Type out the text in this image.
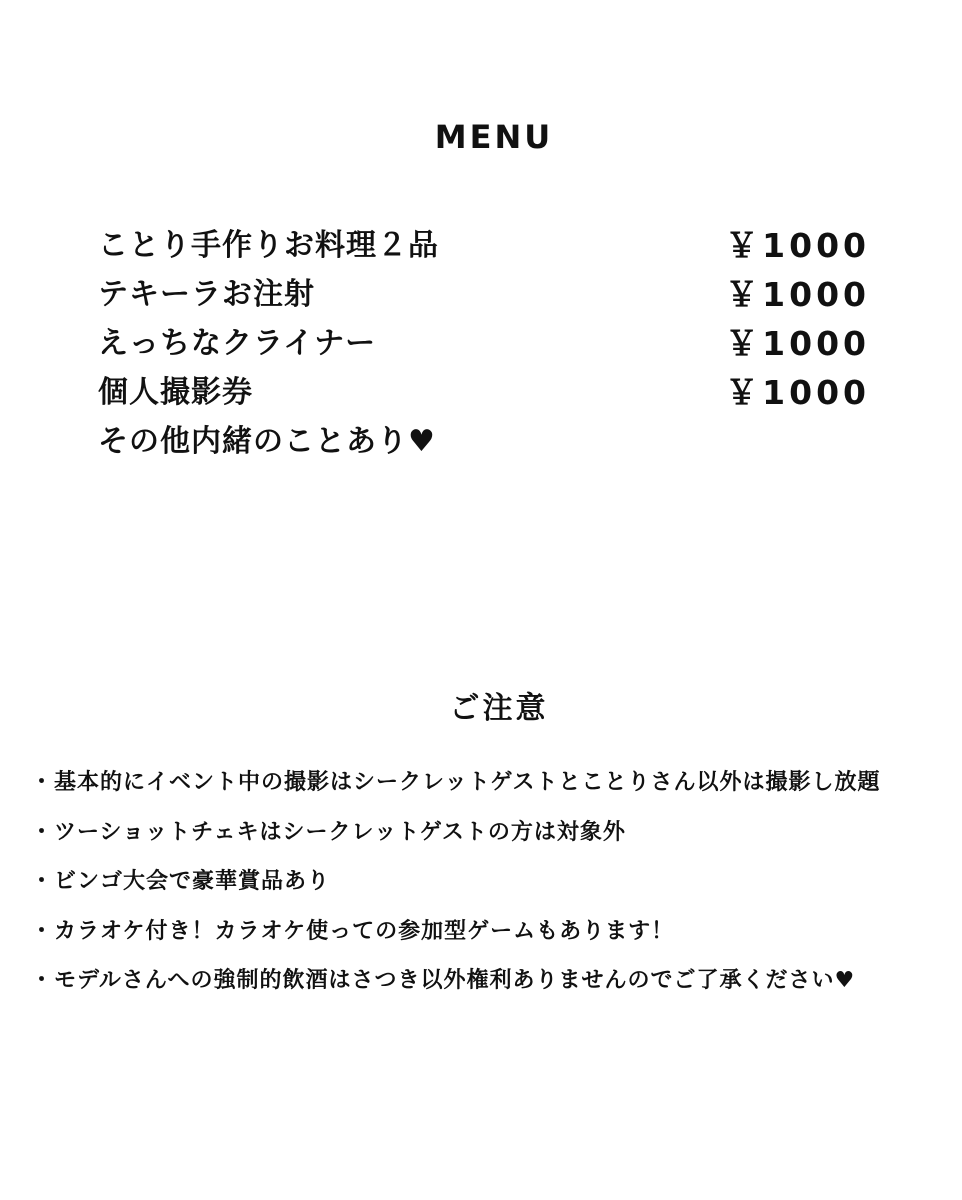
MENU
ことり手作りお料理２品	￥1000
テキーラお注射	￥1000
えっちなクライナー	￥1000
個人撮影券	￥1000
その他内緒のことあり♥
ご注意
・基本的にイベント中の撮影はシークレットゲストとことりさん以外は撮影し放題
・ツーショットチェキはシークレットゲストの方は対象外
・ビンゴ大会で豪華賞品あり
・カラオケ付き！カラオケ使っての参加型ゲームもあります！
・モデルさんへの強制的飲酒はさつき以外権利ありませんのでご了承ください♥
